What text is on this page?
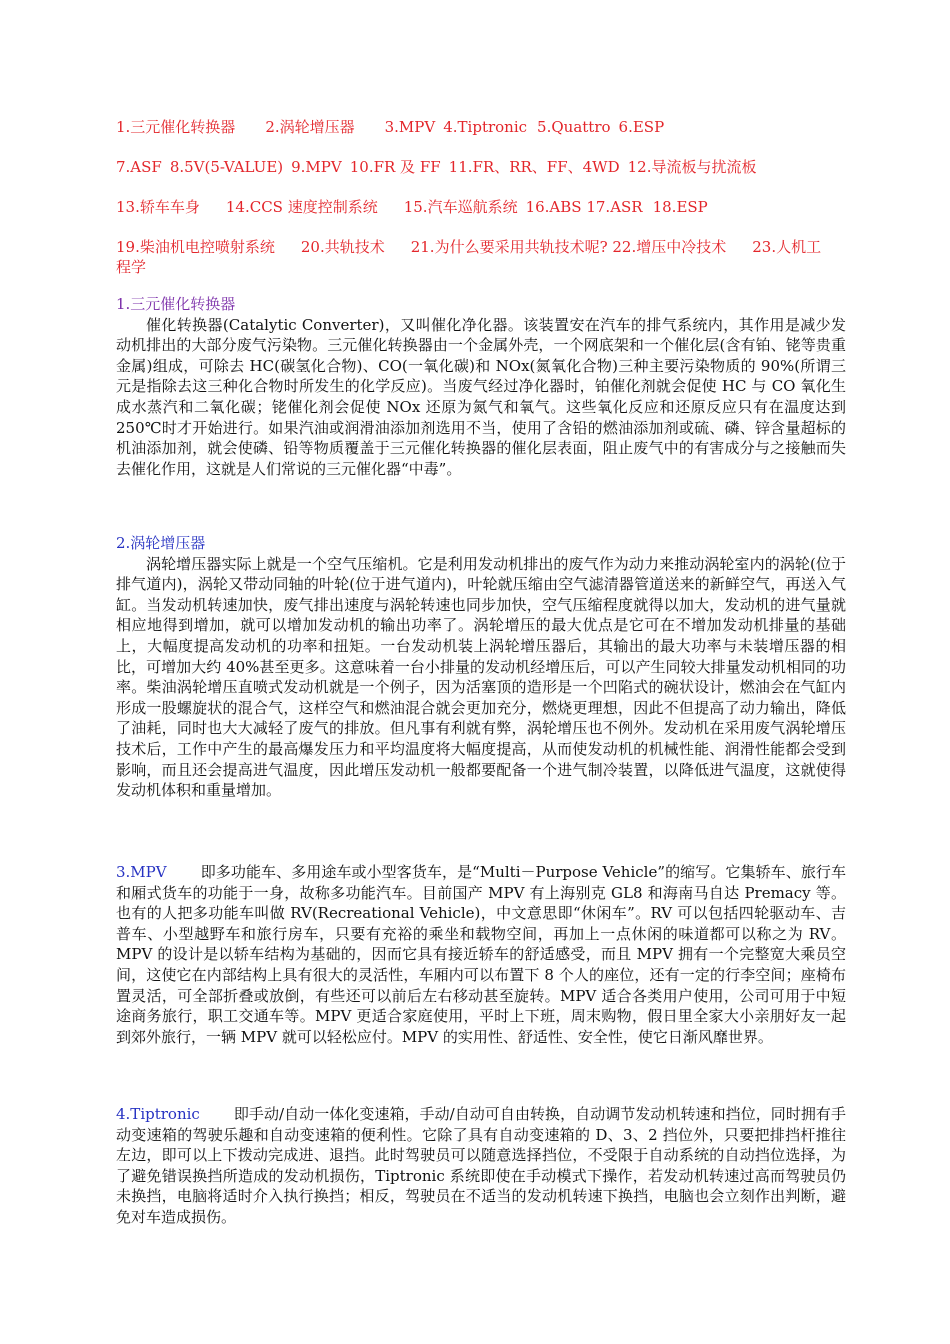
1.三元催化转换器 2.涡轮增压器 3.MPV 4.Tiptronic 5.Quattro 6.ESP
7.ASF 8.5V(5-VALUE) 9.MPV 10.FR 及 FF 11.FR、RR、FF、4WD 12.导流板与扰流板
13.轿车车身 14.CCS 速度控制系统 15.汽车巡航系统 16.ABS 17.ASR 18.ESP
19.柴油机电控喷射系统 20.共轨技术 21.为什么要采用共轨技术呢? 22.增压中冷技术 23.人机工程学
1.三元催化转换器
催化转换器(Catalytic Converter)，又叫催化净化器。该装置安在汽车的排气系统内，其作用是减少发动机排出的大部分废气污染物。三元催化转换器由一个金属外壳，一个网底架和一个催化层(含有铂、铑等贵重金属)组成，可除去 HC(碳氢化合物)、CO(一氧化碳)和 NOx(氮氧化合物)三种主要污染物质的 90%(所谓三元是指除去这三种化合物时所发生的化学反应)。当废气经过净化器时，铂催化剂就会促使 HC 与 CO 氧化生成水蒸汽和二氧化碳；铑催化剂会促使 NOx 还原为氮气和氧气。这些氧化反应和还原反应只有在温度达到 250℃时才开始进行。如果汽油或润滑油添加剂选用不当，使用了含铅的燃油添加剂或硫、磷、锌含量超标的机油添加剂，就会使磷、铅等物质覆盖于三元催化转换器的催化层表面，阻止废气中的有害成分与之接触而失去催化作用，这就是人们常说的三元催化器“中毒”。
2.涡轮增压器
涡轮增压器实际上就是一个空气压缩机。它是利用发动机排出的废气作为动力来推动涡轮室内的涡轮(位于排气道内)，涡轮又带动同轴的叶轮(位于进气道内)，叶轮就压缩由空气滤清器管道送来的新鲜空气，再送入气缸。当发动机转速加快，废气排出速度与涡轮转速也同步加快，空气压缩程度就得以加大，发动机的进气量就相应地得到增加，就可以增加发动机的输出功率了。涡轮增压的最大优点是它可在不增加发动机排量的基础上，大幅度提高发动机的功率和扭矩。一台发动机装上涡轮增压器后，其输出的最大功率与未装增压器的相比，可增加大约 40%甚至更多。这意味着一台小排量的发动机经增压后，可以产生同较大排量发动机相同的功率。柴油涡轮增压直喷式发动机就是一个例子，因为活塞顶的造形是一个凹陷式的碗状设计，燃油会在气缸内形成一股螺旋状的混合气，这样空气和燃油混合就会更加充分，燃烧更理想，因此不但提高了动力输出，降低了油耗，同时也大大减轻了废气的排放。但凡事有利就有弊，涡轮增压也不例外。发动机在采用废气涡轮增压技术后，工作中产生的最高爆发压力和平均温度将大幅度提高，从而使发动机的机械性能、润滑性能都会受到影响，而且还会提高进气温度，因此增压发动机一般都要配备一个进气制冷装置，以降低进气温度，这就使得发动机体积和重量增加。
3.MPV 即多功能车、多用途车或小型客货车，是“Multi－Purpose Vehicle”的缩写。它集轿车、旅行车和厢式货车的功能于一身，故称多功能汽车。目前国产 MPV 有上海别克 GL8 和海南马自达 Premacy 等。也有的人把多功能车叫做 RV(Recreational Vehicle)，中文意思即“休闲车”。RV 可以包括四轮驱动车、吉普车、小型越野车和旅行房车，只要有充裕的乘坐和载物空间，再加上一点休闲的味道都可以称之为 RV。MPV 的设计是以轿车结构为基础的，因而它具有接近轿车的舒适感受，而且 MPV 拥有一个完整宽大乘员空间，这使它在内部结构上具有很大的灵活性，车厢内可以布置下 8 个人的座位，还有一定的行李空间；座椅布置灵活，可全部折叠或放倒，有些还可以前后左右移动甚至旋转。MPV 适合各类用户使用，公司可用于中短途商务旅行，职工交通车等。MPV 更适合家庭使用，平时上下班，周末购物，假日里全家大小亲朋好友一起到郊外旅行，一辆 MPV 就可以轻松应付。MPV 的实用性、舒适性、安全性，使它日渐风靡世界。
4.Tiptronic 即手动/自动一体化变速箱，手动/自动可自由转换，自动调节发动机转速和挡位，同时拥有手动变速箱的驾驶乐趣和自动变速箱的便利性。它除了具有自动变速箱的 D、3、2 挡位外，只要把排挡杆推往左边，即可以上下拨动完成进、退挡。此时驾驶员可以随意选择挡位，不受限于自动系统的自动挡位选择，为了避免错误换挡所造成的发动机损伤，Tiptronic 系统即使在手动模式下操作，若发动机转速过高而驾驶员仍未换挡，电脑将适时介入执行换挡；相反，驾驶员在不适当的发动机转速下换挡，电脑也会立刻作出判断，避免对车造成损伤。
